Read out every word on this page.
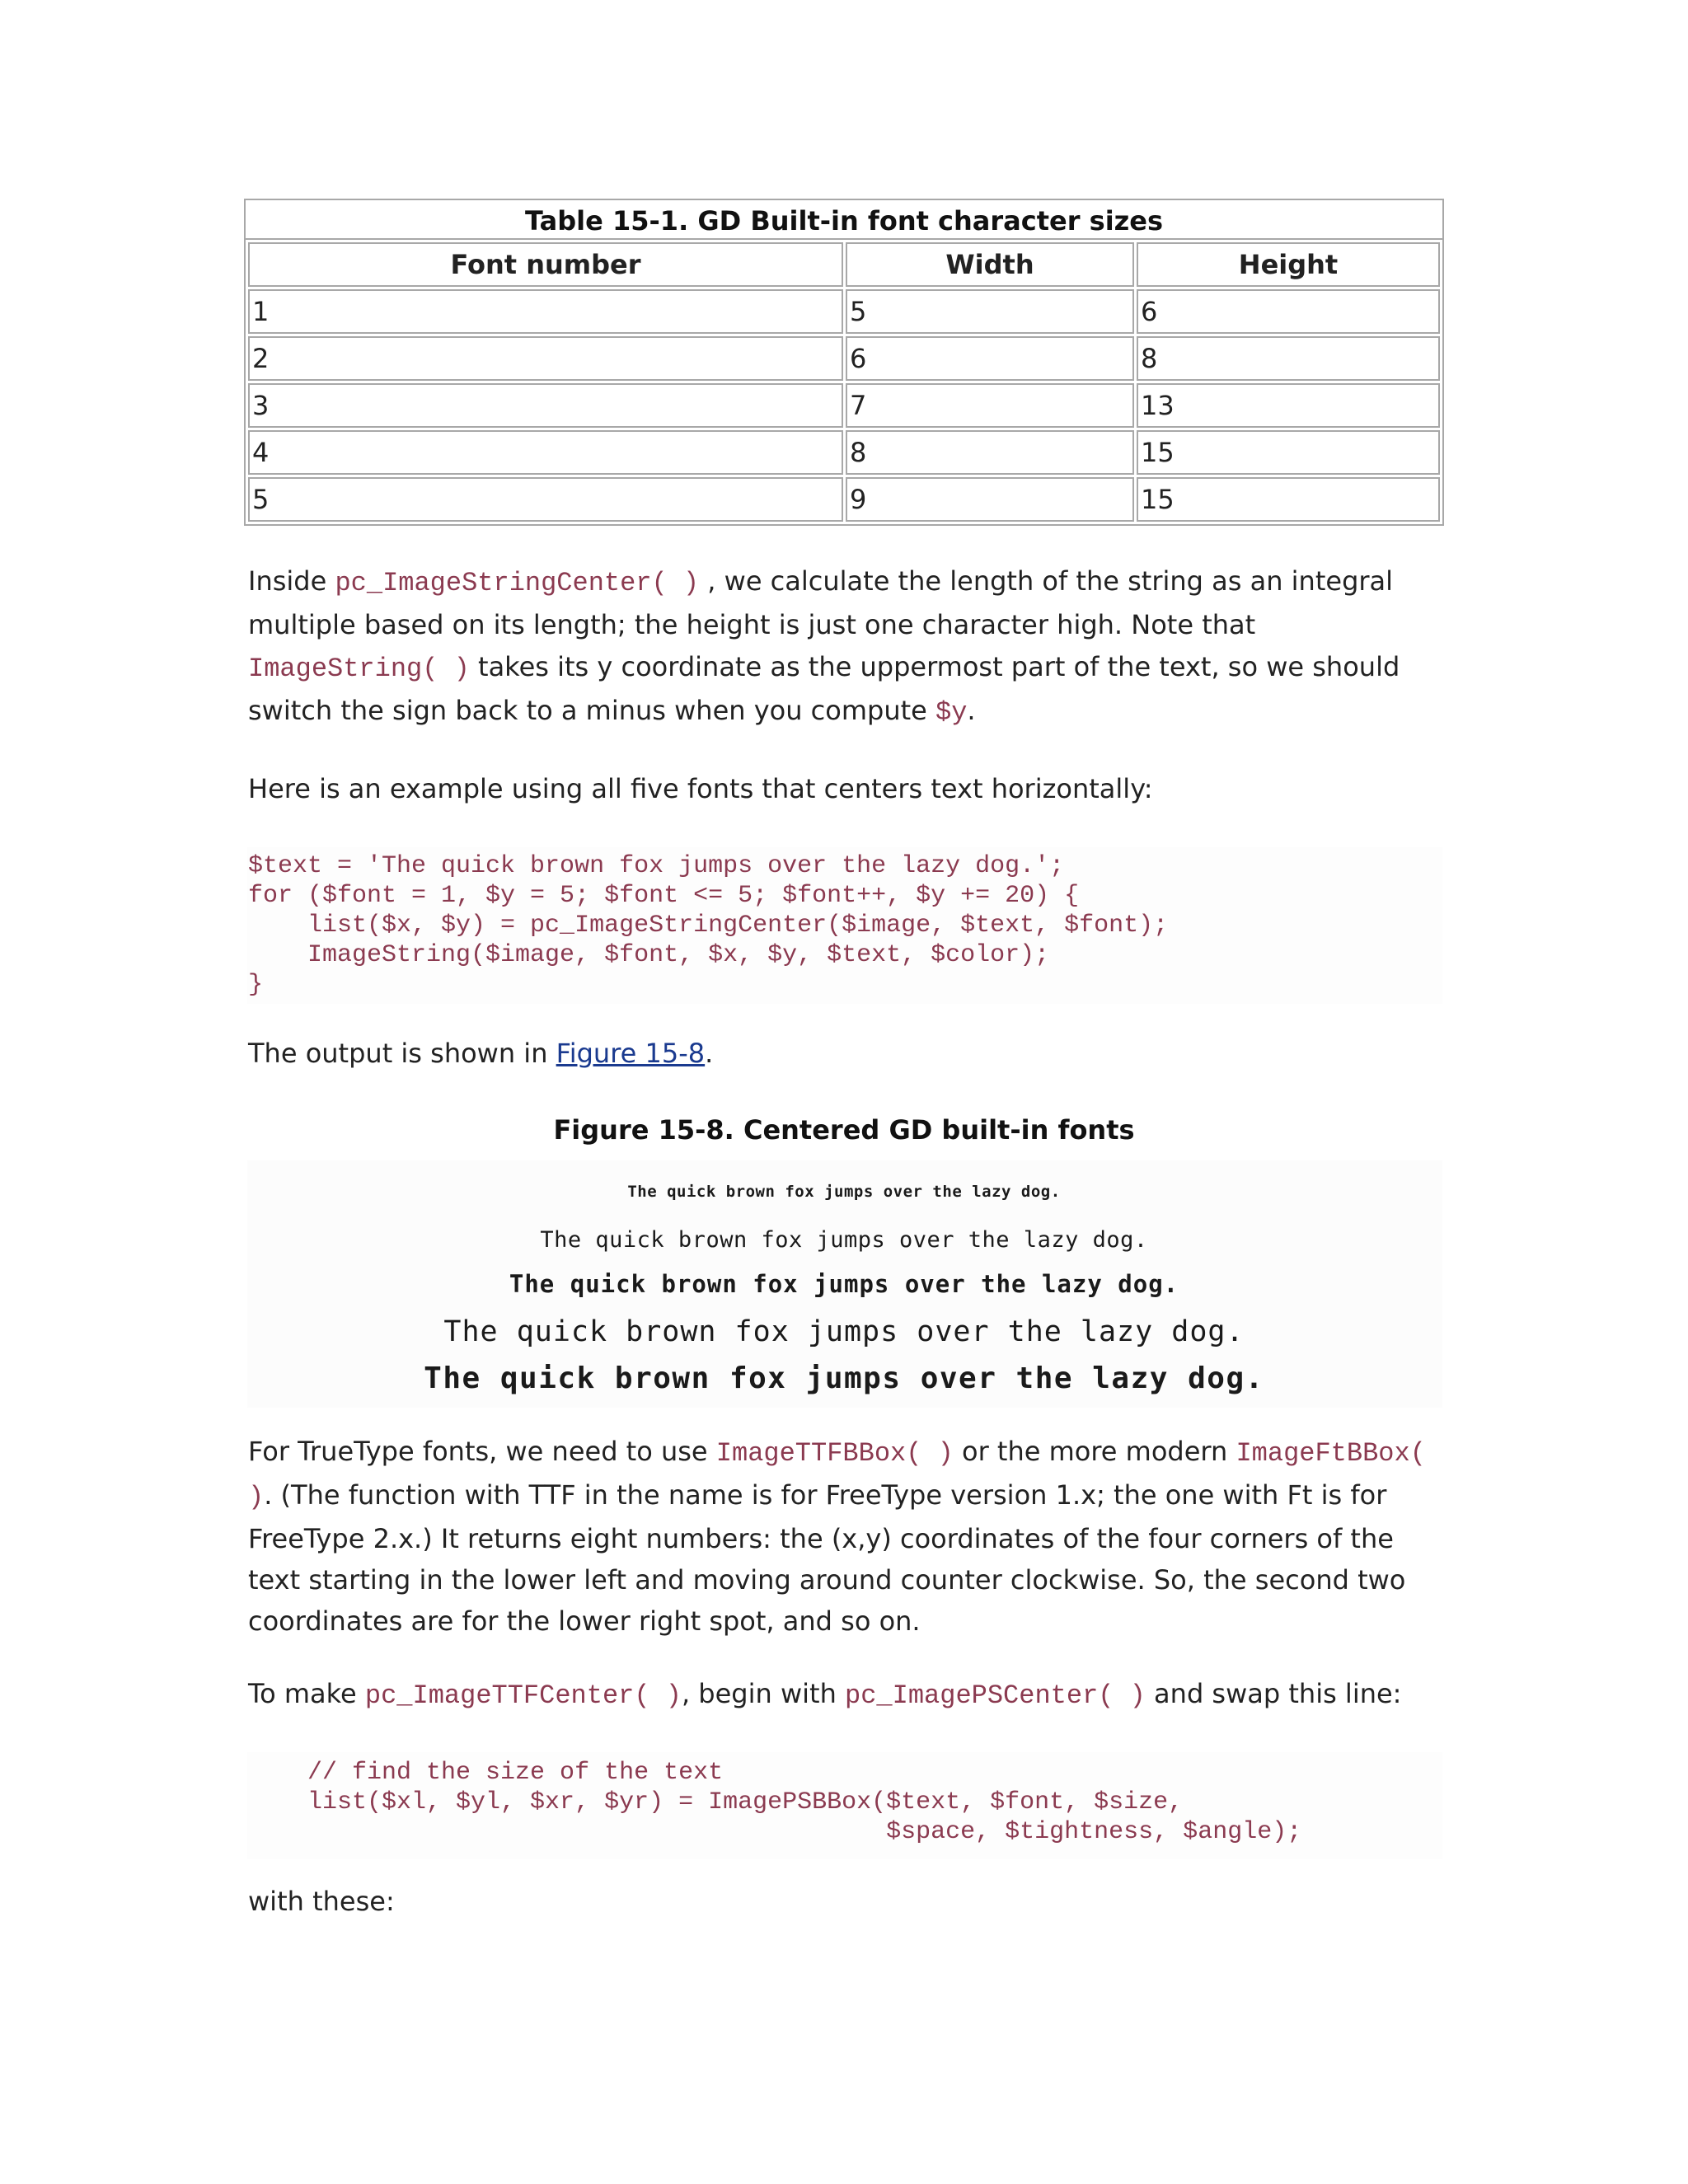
Table 15-1. GD Built-in font character sizes
Font number	Width	Height
1	5	6
2	6	8
3	7	13
4	8	15
5	9	15

Inside pc_ImageStringCenter( ) , we calculate the length of the string as an integral multiple based on its length; the height is just one character high. Note that ImageString( ) takes its y coordinate as the uppermost part of the text, so we should switch the sign back to a minus when you compute $y.

Here is an example using all five fonts that centers text horizontally:

$text = 'The quick brown fox jumps over the lazy dog.';
for ($font = 1, $y = 5; $font <= 5; $font++, $y += 20) {
list($x, $y) = pc_ImageStringCenter($image, $text, $font);
ImageString($image, $font, $x, $y, $text, $color);
}

The output is shown in Figure 15-8.

Figure 15-8. Centered GD built-in fonts
The quick brown fox jumps over the lazy dog.
The quick brown fox jumps over the lazy dog.
The quick brown fox jumps over the lazy dog.
The quick brown fox jumps over the lazy dog.
The quick brown fox jumps over the lazy dog.

For TrueType fonts, we need to use ImageTTFBBox( ) or the more modern ImageFtBBox( ). (The function with TTF in the name is for FreeType version 1.x; the one with Ft is for FreeType 2.x.) It returns eight numbers: the (x,y) coordinates of the four corners of the text starting in the lower left and moving around counter clockwise. So, the second two coordinates are for the lower right spot, and so on.

To make pc_ImageTTFCenter( ), begin with pc_ImagePSCenter( ) and swap this line:

// find the size of the text
list($xl, $yl, $xr, $yr) = ImagePSBBox($text, $font, $size,
$space, $tightness, $angle);

with these:
